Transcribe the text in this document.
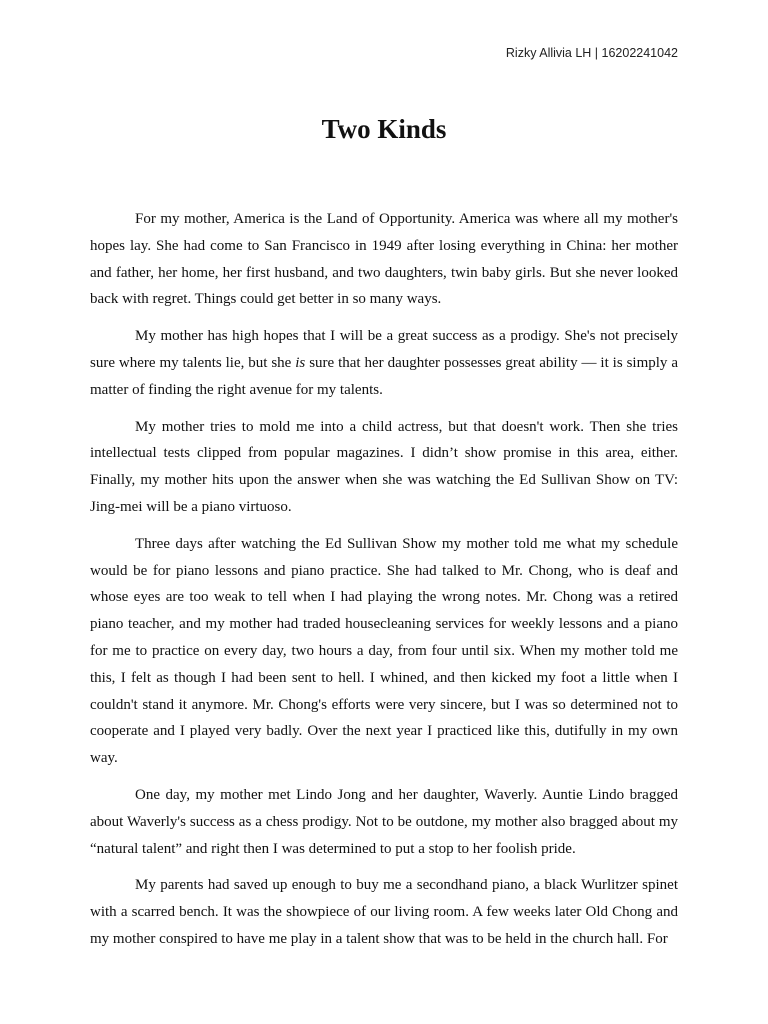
Rizky Allivia LH | 16202241042
Two Kinds

For my mother, America is the Land of Opportunity. America was where all my mother's hopes lay. She had come to San Francisco in 1949 after losing everything in China: her mother and father, her home, her first husband, and two daughters, twin baby girls. But she never looked back with regret. Things could get better in so many ways.

My mother has high hopes that I will be a great success as a prodigy. She's not precisely sure where my talents lie, but she is sure that her daughter possesses great ability — it is simply a matter of finding the right avenue for my talents.

My mother tries to mold me into a child actress, but that doesn't work. Then she tries intellectual tests clipped from popular magazines. I didn’t show promise in this area, either. Finally, my mother hits upon the answer when she was watching the Ed Sullivan Show on TV: Jing-mei will be a piano virtuoso.

Three days after watching the Ed Sullivan Show my mother told me what my schedule would be for piano lessons and piano practice. She had talked to Mr. Chong, who is deaf and whose eyes are too weak to tell when I had playing the wrong notes. Mr. Chong was a retired piano teacher, and my mother had traded housecleaning services for weekly lessons and a piano for me to practice on every day, two hours a day, from four until six. When my mother told me this, I felt as though I had been sent to hell. I whined, and then kicked my foot a little when I couldn't stand it anymore. Mr. Chong's efforts were very sincere, but I was so determined not to cooperate and I played very badly. Over the next year I practiced like this, dutifully in my own way.

One day, my mother met Lindo Jong and her daughter, Waverly. Auntie Lindo bragged about Waverly's success as a chess prodigy. Not to be outdone, my mother also bragged about my “natural talent” and right then I was determined to put a stop to her foolish pride.

My parents had saved up enough to buy me a secondhand piano, a black Wurlitzer spinet with a scarred bench. It was the showpiece of our living room. A few weeks later Old Chong and my mother conspired to have me play in a talent show that was to be held in the church hall. For
